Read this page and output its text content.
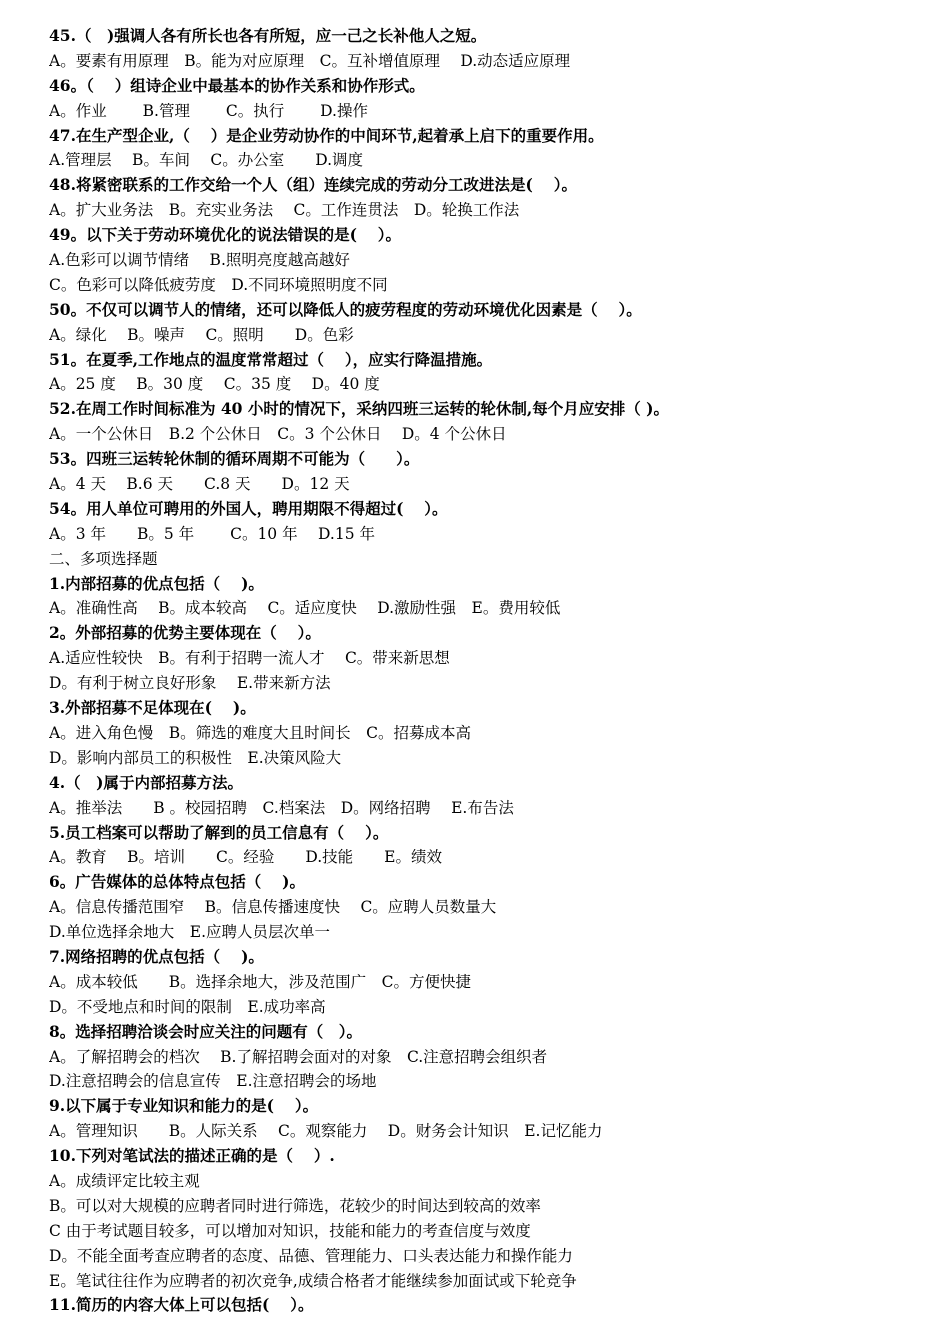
45.（　)强调人各有所长也各有所短，应一己之长补他人之短。
A。要素有用原理　B。能为对应原理　C。互补增值原理　 D.动态适应原理
46。（　 ）组诗企业中最基本的协作关系和协作形式。
A。作业　　 B.管理　　 C。执行　　 D.操作
47.在生产型企业,（　 ）是企业劳动协作的中间环节,起着承上启下的重要作用。
A.管理层　 B。车间　 C。办公室　　D.调度
48.将紧密联系的工作交给一个人（组）连续完成的劳动分工改进法是(　 ）。
A。扩大业务法　B。充实业务法　 C。工作连贯法　D。轮换工作法
49。以下关于劳动环境优化的说法错误的是(　 ）。
A.色彩可以调节情绪　 B.照明亮度越高越好
C。色彩可以降低疲劳度　D.不同环境照明度不同
50。不仅可以调节人的情绪，还可以降低人的疲劳程度的劳动环境优化因素是（　 ）。
A。绿化　 B。噪声　 C。照明　　D。色彩
51。在夏季,工作地点的温度常常超过（　 ），应实行降温措施。
A。25 度　 B。30 度　 C。35 度　 D。40 度
52.在周工作时间标准为 40 小时的情况下，采纳四班三运转的轮休制,每个月应安排（ )。
A。一个公休日　B.2 个公休日　C。3 个公休日　 D。4 个公休日
53。四班三运转轮休制的循环周期不可能为（　　）。
A。4 天　 B.6 天　　C.8 天　　D。12 天
54。用人单位可聘用的外国人，聘用期限不得超过(　 ）。
A。3 年　　B。5 年　　 C。10 年　 D.15 年
二、多项选择题
1.内部招募的优点包括（　 )。
A。准确性高　 B。成本较高　 C。适应度快　 D.激励性强　E。费用较低
2。外部招募的优势主要体现在（　 ）。
A.适应性较快　B。有利于招聘一流人才　 C。带来新思想
D。有利于树立良好形象　 E.带来新方法
3.外部招募不足体现在(　 )。
A。进入角色慢　B。筛选的难度大且时间长　C。招募成本高
D。影响内部员工的积极性　E.决策风险大
4.（　)属于内部招募方法。
A。推举法　　B 。校园招聘　C.档案法　D。网络招聘　 E.布告法
5.员工档案可以帮助了解到的员工信息有（　 ）。
A。教育　 B。培训　　C。经验　　D.技能　　E。绩效
6。广告媒体的总体特点包括（　 )。
A。信息传播范围窄　 B。信息传播速度快　 C。应聘人员数量大
D.单位选择余地大　E.应聘人员层次单一
7.网络招聘的优点包括（　 )。
A。成本较低　　B。选择余地大，涉及范围广　C。方便快捷
D。不受地点和时间的限制　E.成功率高
8。选择招聘洽谈会时应关注的问题有（　）。
A。了解招聘会的档次　 B.了解招聘会面对的对象　C.注意招聘会组织者
D.注意招聘会的信息宣传　E.注意招聘会的场地
9.以下属于专业知识和能力的是(　 ）。
A。管理知识　　B。人际关系　 C。观察能力　 D。财务会计知识　E.记忆能力
10.下列对笔试法的描述正确的是（　 ）.
A。成绩评定比较主观
B。可以对大规模的应聘者同时进行筛选，花较少的时间达到较高的效率
C 由于考试题目较多，可以增加对知识，技能和能力的考查信度与效度
D。不能全面考查应聘者的态度、品德、管理能力、口头表达能力和操作能力
E。笔试往往作为应聘者的初次竞争,成绩合格者才能继续参加面试或下轮竞争
11.简历的内容大体上可以包括(　 ）。
